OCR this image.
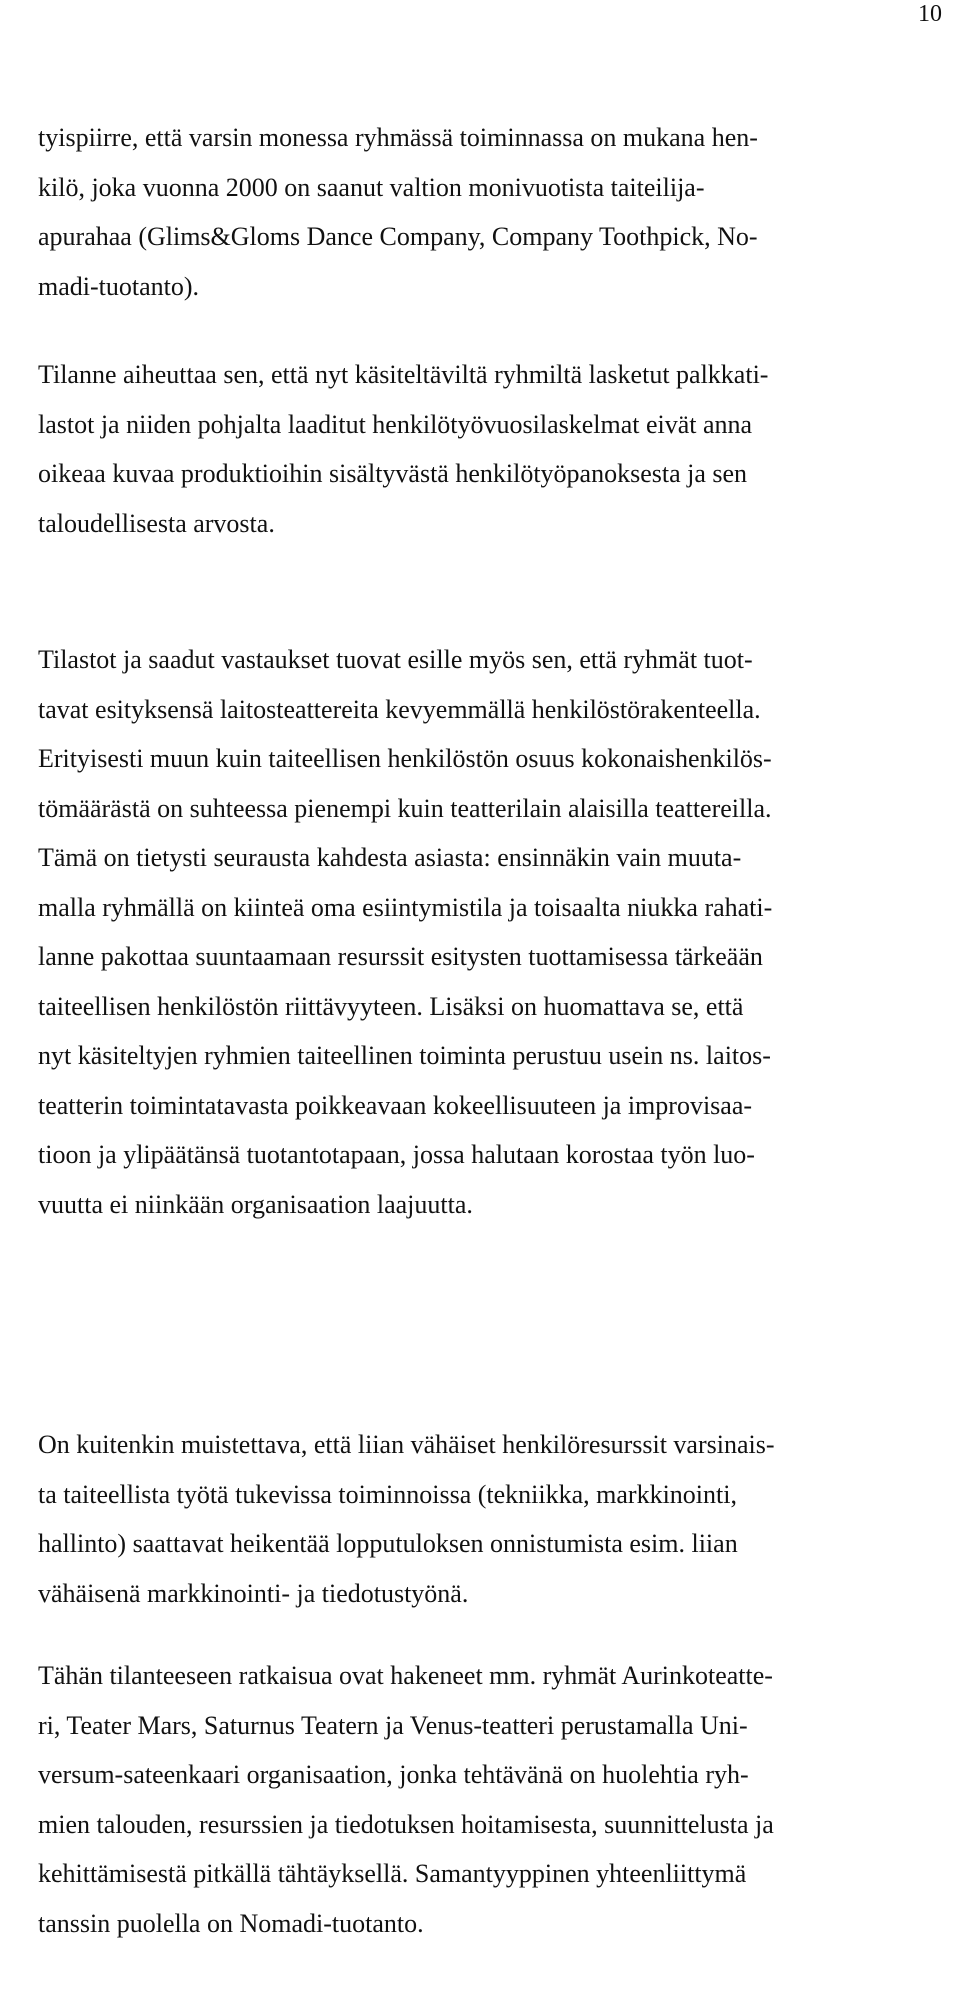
10
tyispiirre, että varsin monessa ryhmässä toiminnassa on mukana hen-
kilö, joka vuonna 2000 on saanut valtion monivuotista taiteilija-
apurahaa (Glims&Gloms Dance Company, Company Toothpick, No-
madi-tuotanto).
Tilanne aiheuttaa sen, että nyt käsiteltäviltä ryhmiltä lasketut palkkati-
lastot ja niiden pohjalta laaditut henkilötyövuosilaskelmat eivät anna
oikeaa kuvaa produktioihin sisältyvästä henkilötyöpanoksesta ja sen
taloudellisesta arvosta.
Tilastot ja saadut vastaukset tuovat esille myös sen, että ryhmät tuot-
tavat esityksensä laitosteattereita kevyemmällä henkilöstörakenteella.
Erityisesti muun kuin taiteellisen henkilöstön osuus kokonaishenkilös-
tömäärästä on suhteessa pienempi kuin teatterilain alaisilla teattereilla.
Tämä on tietysti seurausta kahdesta asiasta: ensinnäkin vain muuta-
malla ryhmällä on kiinteä oma esiintymistila ja toisaalta niukka rahati-
lanne pakottaa suuntaamaan resurssit esitysten tuottamisessa tärkeään
taiteellisen henkilöstön riittävyyteen. Lisäksi on huomattava se, että
nyt käsiteltyjen ryhmien taiteellinen toiminta perustuu usein ns. laitos-
teatterin toimintatavasta poikkeavaan kokeellisuuteen ja improvisaa-
tioon ja ylipäätänsä tuotantotapaan, jossa halutaan korostaa työn luo-
vuutta ei niinkään organisaation laajuutta.
On kuitenkin muistettava, että liian vähäiset henkilöresurssit varsinais-
ta taiteellista työtä tukevissa toiminnoissa (tekniikka, markkinointi,
hallinto) saattavat heikentää lopputuloksen onnistumista esim. liian
vähäisenä markkinointi- ja tiedotustyönä.
Tähän tilanteeseen ratkaisua ovat hakeneet mm. ryhmät Aurinkoteatte-
ri, Teater Mars, Saturnus Teatern ja Venus-teatteri perustamalla Uni-
versum-sateenkaari organisaation, jonka tehtävänä on huolehtia ryh-
mien talouden, resurssien ja tiedotuksen hoitamisesta, suunnittelusta ja
kehittämisestä pitkällä tähtäyksellä. Samantyyppinen yhteenliittymä
tanssin puolella on Nomadi-tuotanto.
